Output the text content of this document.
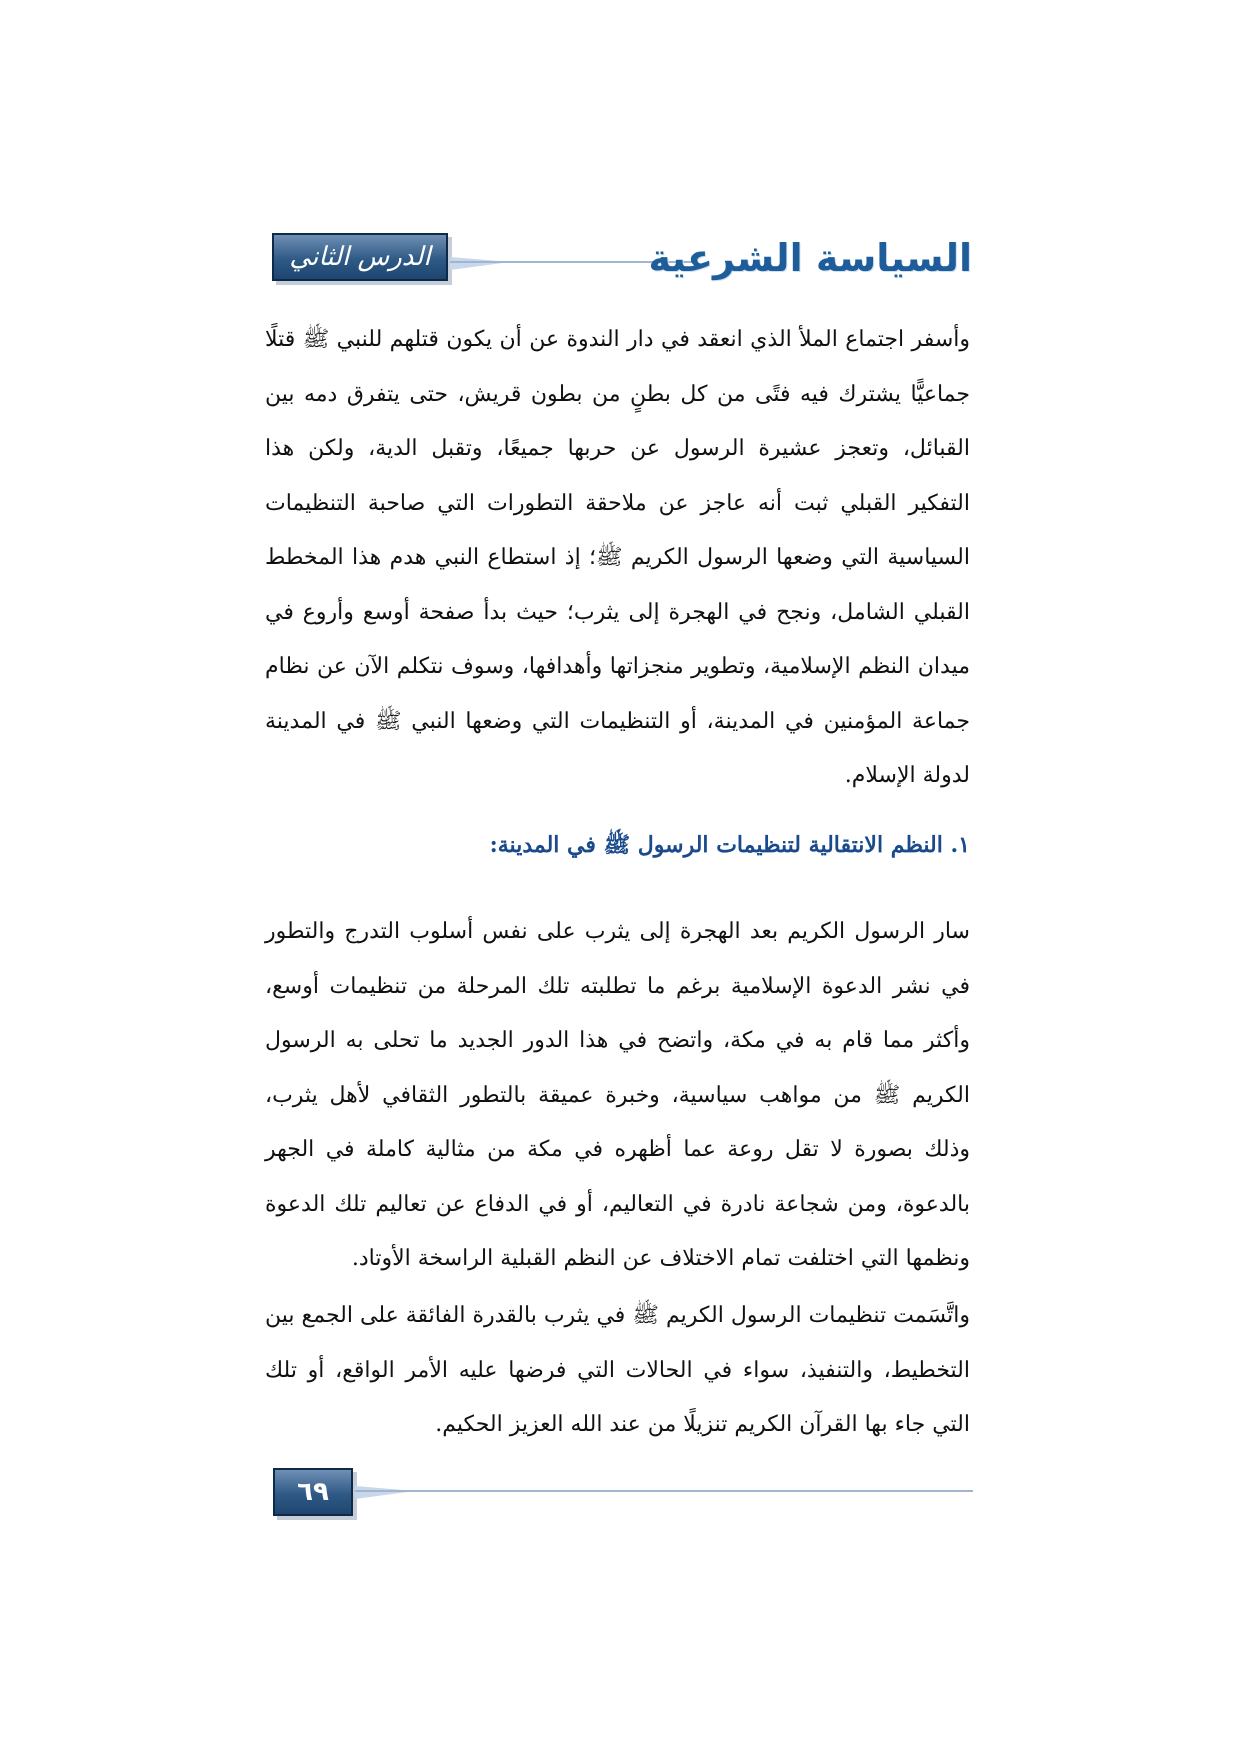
الدرس الثاني	السياسة الشرعية
وأسفر اجتماع الملأ الذي انعقد في دار الندوة عن أن يكون قتلهم للنبي ﷺ قتلًا جماعيًّا يشترك فيه فتًى من كل بطنٍ من بطون قريش، حتى يتفرق دمه بين القبائل، وتعجز عشيرة الرسول عن حربها جميعًا، وتقبل الدية، ولكن هذا التفكير القبلي ثبت أنه عاجز عن ملاحقة التطورات التي صاحبة التنظيمات السياسية التي وضعها الرسول الكريم ﷺ؛ إذ استطاع النبي هدم هذا المخطط القبلي الشامل، ونجح في الهجرة إلى يثرب؛ حيث بدأ صفحة أوسع وأروع في ميدان النظم الإسلامية، وتطوير منجزاتها وأهدافها، وسوف نتكلم الآن عن نظام جماعة المؤمنين في المدينة، أو التنظيمات التي وضعها النبي ﷺ في المدينة لدولة الإسلام.
١. النظم الانتقالية لتنظيمات الرسول ﷺ في المدينة:
سار الرسول الكريم بعد الهجرة إلى يثرب على نفس أسلوب التدرج والتطور في نشر الدعوة الإسلامية برغم ما تطلبته تلك المرحلة من تنظيمات أوسع، وأكثر مما قام به في مكة، واتضح في هذا الدور الجديد ما تحلى به الرسول الكريم ﷺ من مواهب سياسية، وخبرة عميقة بالتطور الثقافي لأهل يثرب، وذلك بصورة لا تقل روعة عما أظهره في مكة من مثالية كاملة في الجهر بالدعوة، ومن شجاعة نادرة في التعاليم، أو في الدفاع عن تعاليم تلك الدعوة ونظمها التي اختلفت تمام الاختلاف عن النظم القبلية الراسخة الأوتاد.
واتَّسَمت تنظيمات الرسول الكريم ﷺ في يثرب بالقدرة الفائقة على الجمع بين التخطيط، والتنفيذ، سواء في الحالات التي فرضها عليه الأمر الواقع، أو تلك التي جاء بها القرآن الكريم تنزيلًا من عند الله العزيز الحكيم.
٦٩
